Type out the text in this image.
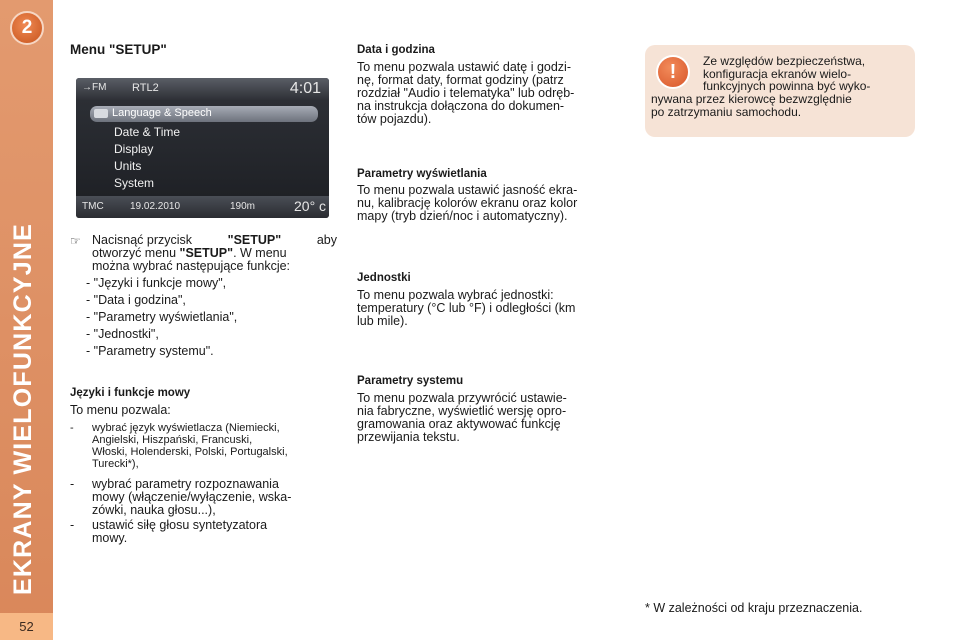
2
EKRANY WIELOFUNKCYJNE
52
Menu "SETUP"
→FM RTL2	4:01
Language & Speech
Date & Time
Display
Units
System
TMC	19.02.2010	190m	20° c
☞ Nacisnąć przycisk	"SETUP"	aby
otworzyć menu "SETUP". W menu
można wybrać następujące funkcje:
- "Języki i funkcje mowy",
- "Data i godzina",
- "Parametry wyświetlania",
- "Jednostki",
- "Parametry systemu".
Języki i funkcje mowy
To menu pozwala:
- wybrać język wyświetlacza (Niemiecki,
Angielski, Hiszpański, Francuski,
Włoski, Holenderski, Polski, Portugalski,
Turecki*),
- wybrać parametry rozpoznawania
mowy (włączenie/wyłączenie, wska-
zówki, nauka głosu...),
- ustawić siłę głosu syntetyzatora
mowy.
Data i godzina
To menu pozwala ustawić datę i godzi-
nę, format daty, format godziny (patrz
rozdział "Audio i telematyka" lub odręb-
na instrukcja dołączona do dokumen-
tów pojazdu).
Parametry wyświetlania
To menu pozwala ustawić jasność ekra-
nu, kalibrację kolorów ekranu oraz kolor
mapy (tryb dzień/noc i automatyczny).
Jednostki
To menu pozwala wybrać jednostki:
temperatury (°C lub °F) i odległości (km
lub mile).
Parametry systemu
To menu pozwala przywrócić ustawie-
nia fabryczne, wyświetlić wersję opro-
gramowania oraz aktywować funkcję
przewijania tekstu.
!	Ze względów bezpieczeństwa,
konfiguracja ekranów wielo-
funkcyjnych powinna być wyko-
nywana przez kierowcę bezwzględnie
po zatrzymaniu samochodu.
* W zależności od kraju przeznaczenia.
